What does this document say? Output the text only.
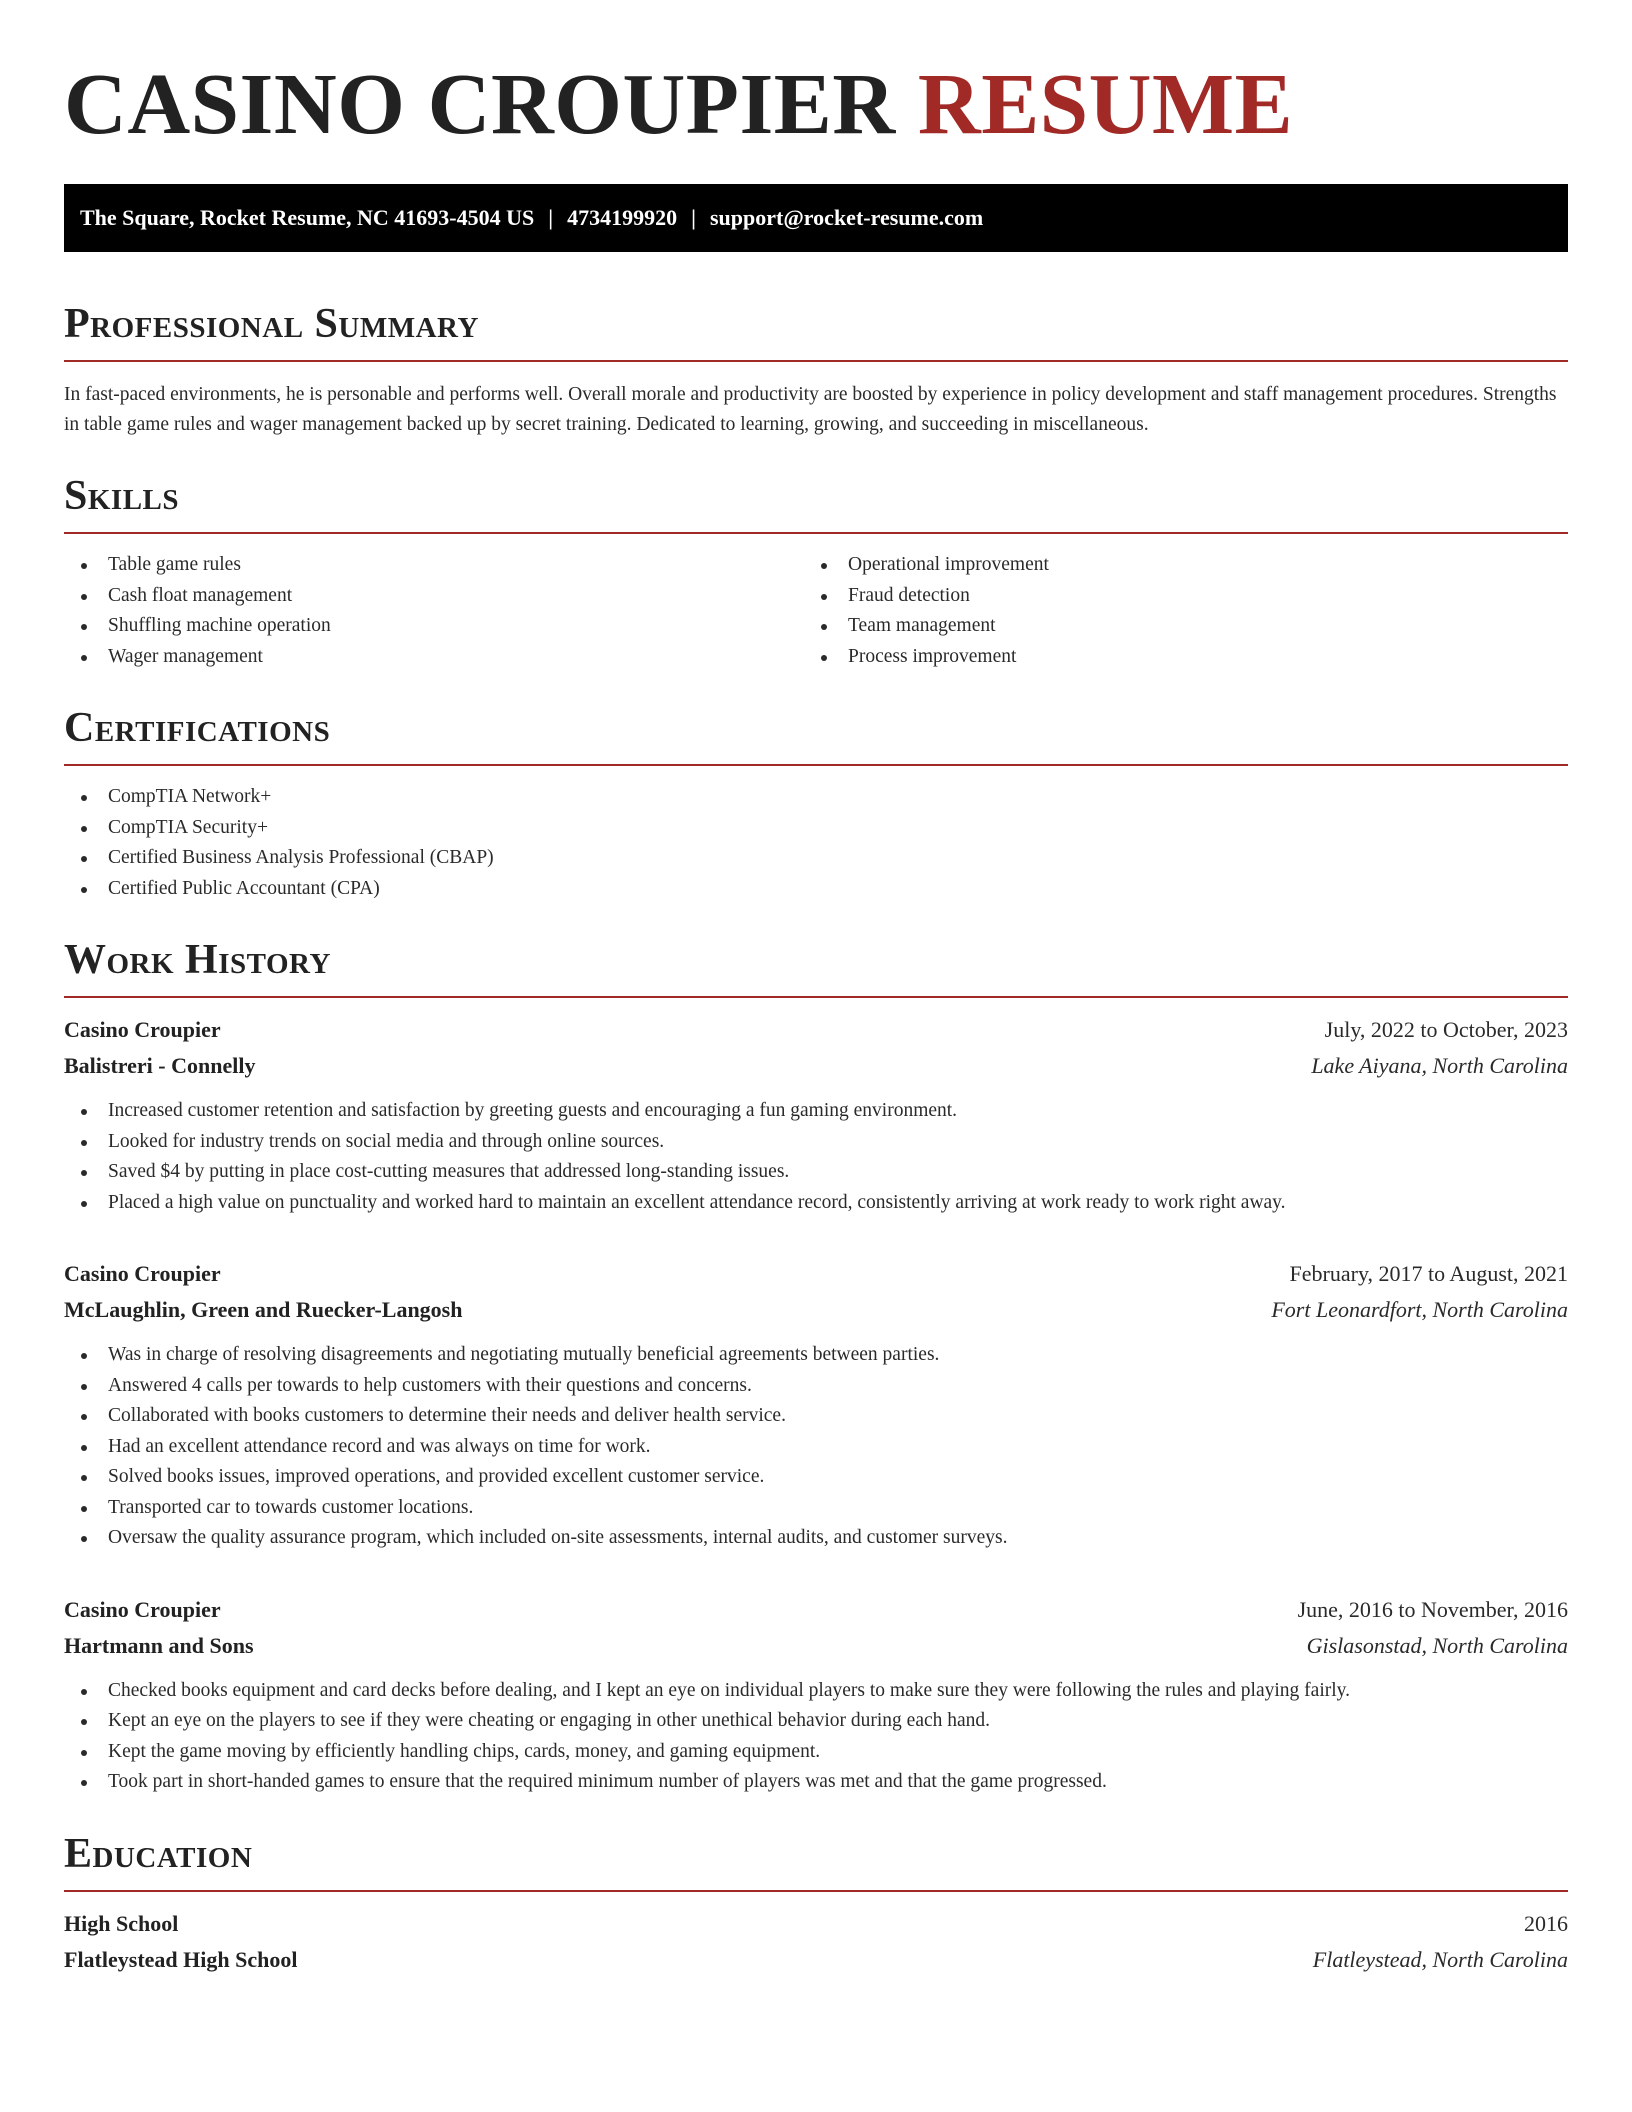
CASINO CROUPIER RESUME
The Square, Rocket Resume, NC 41693-4504 US | 4734199920 | support@rocket-resume.com
Professional Summary

In fast-paced environments, he is personable and performs well. Overall morale and productivity are boosted by experience in policy development and staff management procedures. Strengths in table game rules and wager management backed up by secret training. Dedicated to learning, growing, and succeeding in miscellaneous.

Skills
Table game rules
Cash float management
Shuffling machine operation
Wager management
Operational improvement
Fraud detection
Team management
Process improvement
Certifications
CompTIA Network+
CompTIA Security+
Certified Business Analysis Professional (CBAP)
Certified Public Accountant (CPA)
Work History
Casino Croupier	July, 2022 to October, 2023
Balistreri - Connelly	Lake Aiyana, North Carolina
Increased customer retention and satisfaction by greeting guests and encouraging a fun gaming environment.
Looked for industry trends on social media and through online sources.
Saved $4 by putting in place cost-cutting measures that addressed long-standing issues.
Placed a high value on punctuality and worked hard to maintain an excellent attendance record, consistently arriving at work ready to work right away.
Casino Croupier	February, 2017 to August, 2021
McLaughlin, Green and Ruecker-Langosh	Fort Leonardfort, North Carolina
Was in charge of resolving disagreements and negotiating mutually beneficial agreements between parties.
Answered 4 calls per towards to help customers with their questions and concerns.
Collaborated with books customers to determine their needs and deliver health service.
Had an excellent attendance record and was always on time for work.
Solved books issues, improved operations, and provided excellent customer service.
Transported car to towards customer locations.
Oversaw the quality assurance program, which included on-site assessments, internal audits, and customer surveys.
Casino Croupier	June, 2016 to November, 2016
Hartmann and Sons	Gislasonstad, North Carolina
Checked books equipment and card decks before dealing, and I kept an eye on individual players to make sure they were following the rules and playing fairly.
Kept an eye on the players to see if they were cheating or engaging in other unethical behavior during each hand.
Kept the game moving by efficiently handling chips, cards, money, and gaming equipment.
Took part in short-handed games to ensure that the required minimum number of players was met and that the game progressed.
Education
High School	2016
Flatleystead High School	Flatleystead, North Carolina
